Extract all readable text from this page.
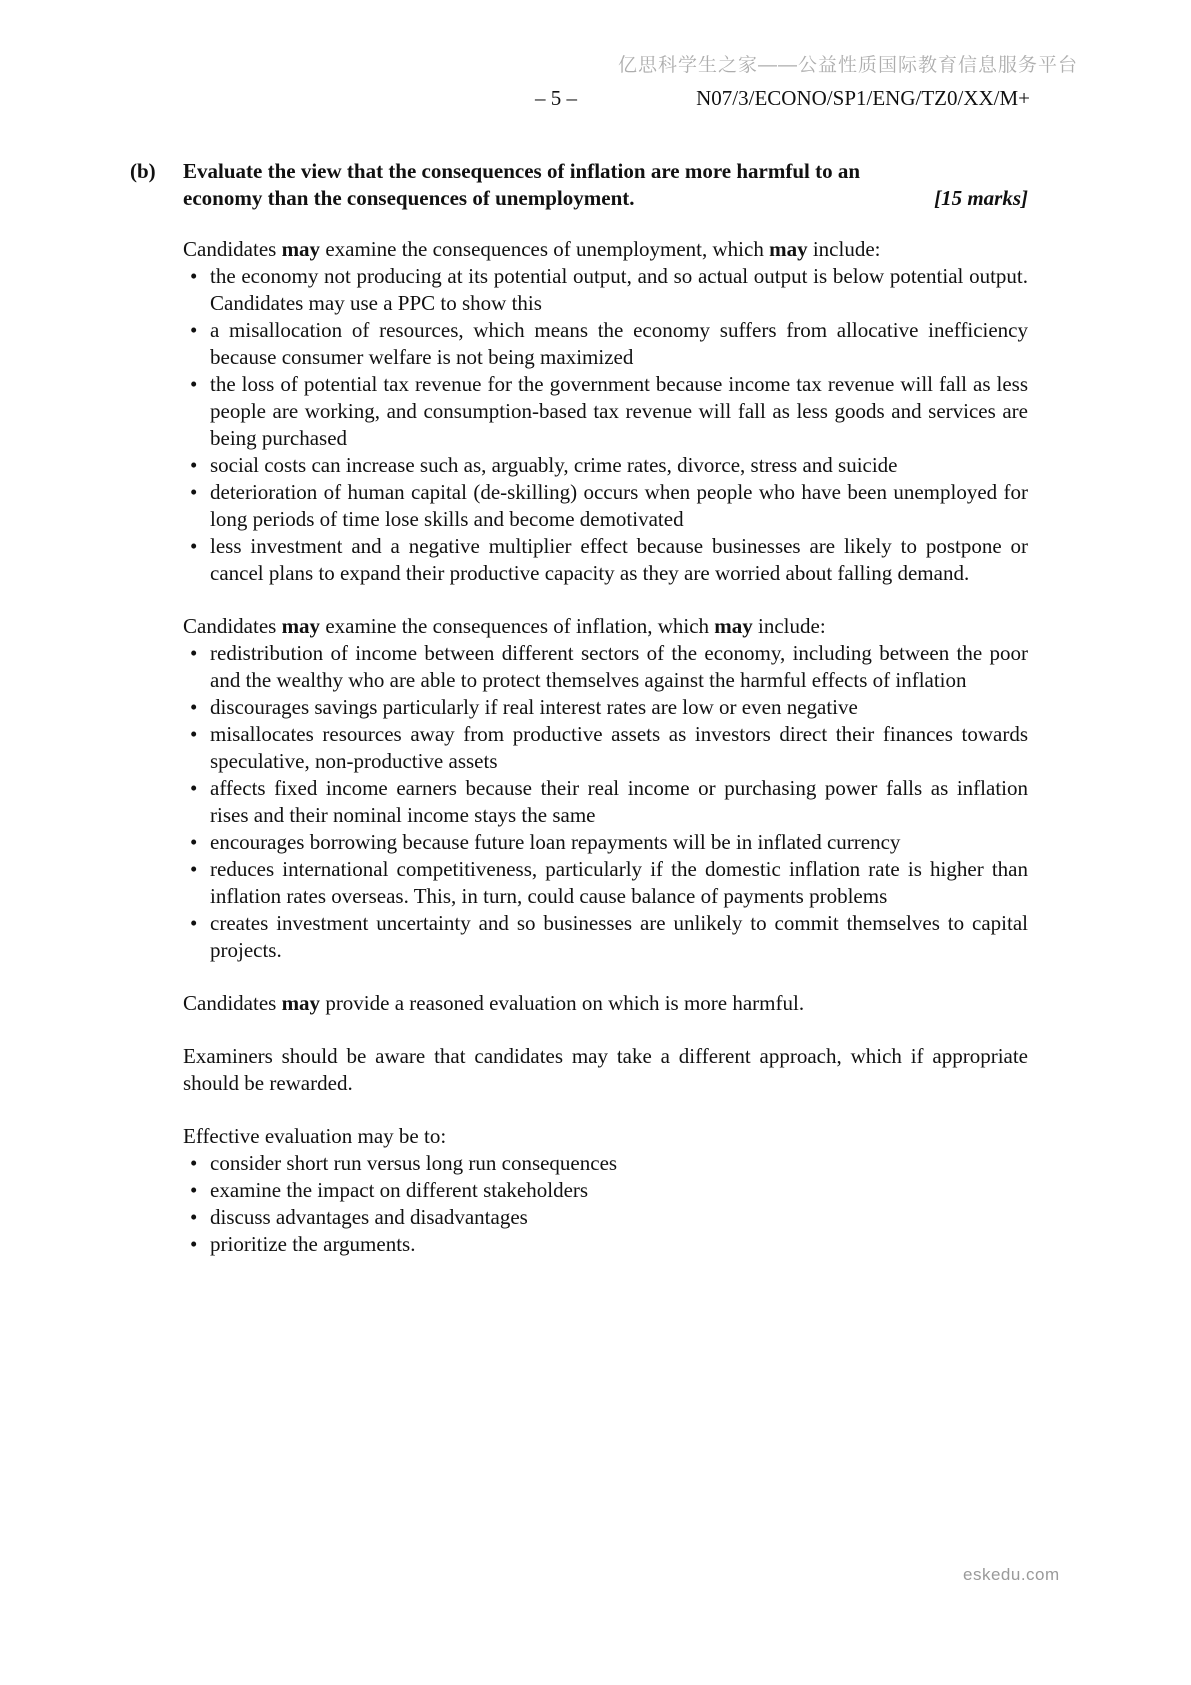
亿思科学生之家——公益性质国际教育信息服务平台
– 5 –	N07/3/ECONO/SP1/ENG/TZ0/XX/M+
(b)	Evaluate the view that the consequences of inflation are more harmful to an economy than the consequences of unemployment.	[15 marks]

Candidates may examine the consequences of unemployment, which may include:

• the economy not producing at its potential output, and so actual output is below potential output. Candidates may use a PPC to show this
• a misallocation of resources, which means the economy suffers from allocative inefficiency because consumer welfare is not being maximized
• the loss of potential tax revenue for the government because income tax revenue will fall as less people are working, and consumption-based tax revenue will fall as less goods and services are being purchased
• social costs can increase such as, arguably, crime rates, divorce, stress and suicide
• deterioration of human capital (de-skilling) occurs when people who have been unemployed for long periods of time lose skills and become demotivated
• less investment and a negative multiplier effect because businesses are likely to postpone or cancel plans to expand their productive capacity as they are worried about falling demand.

Candidates may examine the consequences of inflation, which may include:

• redistribution of income between different sectors of the economy, including between the poor and the wealthy who are able to protect themselves against the harmful effects of inflation
• discourages savings particularly if real interest rates are low or even negative
• misallocates resources away from productive assets as investors direct their finances towards speculative, non-productive assets
• affects fixed income earners because their real income or purchasing power falls as inflation rises and their nominal income stays the same
• encourages borrowing because future loan repayments will be in inflated currency
• reduces international competitiveness, particularly if the domestic inflation rate is higher than inflation rates overseas. This, in turn, could cause balance of payments problems
• creates investment uncertainty and so businesses are unlikely to commit themselves to capital projects.

Candidates may provide a reasoned evaluation on which is more harmful.

Examiners should be aware that candidates may take a different approach, which if appropriate should be rewarded.

Effective evaluation may be to:

• consider short run versus long run consequences
• examine the impact on different stakeholders
• discuss advantages and disadvantages
• prioritize the arguments.
eskedu.com
